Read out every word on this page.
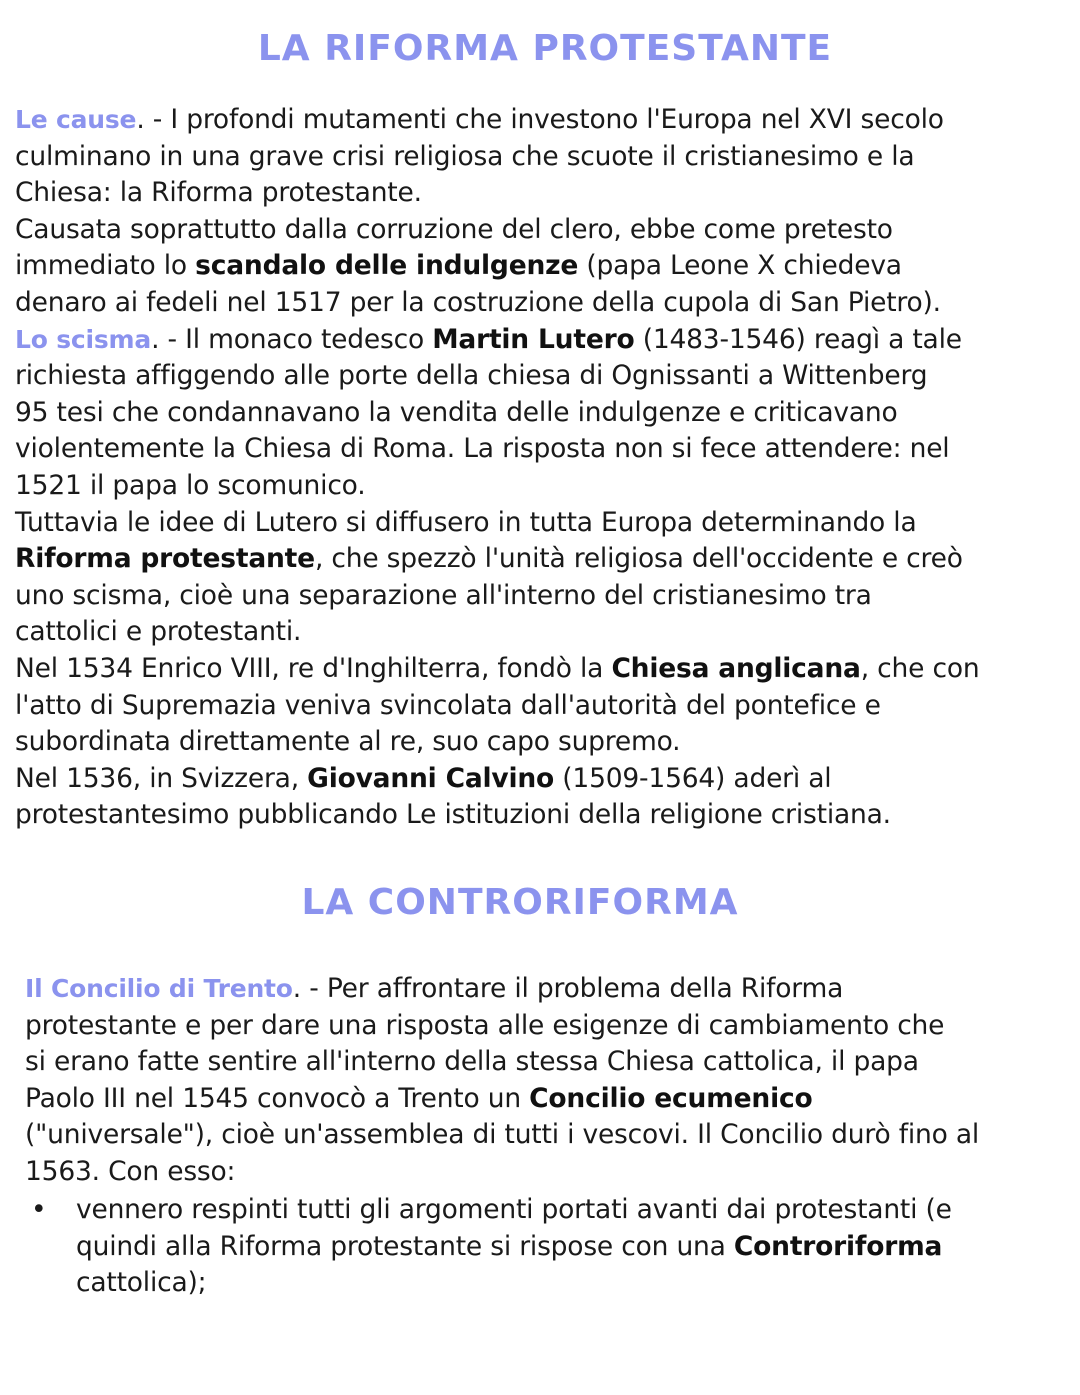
LA RIFORMA PROTESTANTE
Le cause. - I profondi mutamenti che investono l'Europa nel XVI secolo
culminano in una grave crisi religiosa che scuote il cristianesimo e la
Chiesa: la Riforma protestante.
Causata soprattutto dalla corruzione del clero, ebbe come pretesto
immediato lo scandalo delle indulgenze (papa Leone X chiedeva
denaro ai fedeli nel 1517 per la costruzione della cupola di San Pietro).
Lo scisma. - Il monaco tedesco Martin Lutero (1483-1546) reagì a tale
richiesta affiggendo alle porte della chiesa di Ognissanti a Wittenberg
95 tesi che condannavano la vendita delle indulgenze e criticavano
violentemente la Chiesa di Roma. La risposta non si fece attendere: nel
1521 il papa lo scomunico.
Tuttavia le idee di Lutero si diffusero in tutta Europa determinando la
Riforma protestante, che spezzò l'unità religiosa dell'occidente e creò
uno scisma, cioè una separazione all'interno del cristianesimo tra
cattolici e protestanti.
Nel 1534 Enrico VIII, re d'Inghilterra, fondò la Chiesa anglicana, che con
l'atto di Supremazia veniva svincolata dall'autorità del pontefice e
subordinata direttamente al re, suo capo supremo.
Nel 1536, in Svizzera, Giovanni Calvino (1509-1564) aderì al
protestantesimo pubblicando Le istituzioni della religione cristiana.
LA CONTRORIFORMA
Il Concilio di Trento. - Per affrontare il problema della Riforma
protestante e per dare una risposta alle esigenze di cambiamento che
si erano fatte sentire all'interno della stessa Chiesa cattolica, il papa
Paolo III nel 1545 convocò a Trento un Concilio ecumenico
("universale"), cioè un'assemblea di tutti i vescovi. Il Concilio durò fino al
1563. Con esso:
• vennero respinti tutti gli argomenti portati avanti dai protestanti (e
quindi alla Riforma protestante si rispose con una Controriforma
cattolica);
